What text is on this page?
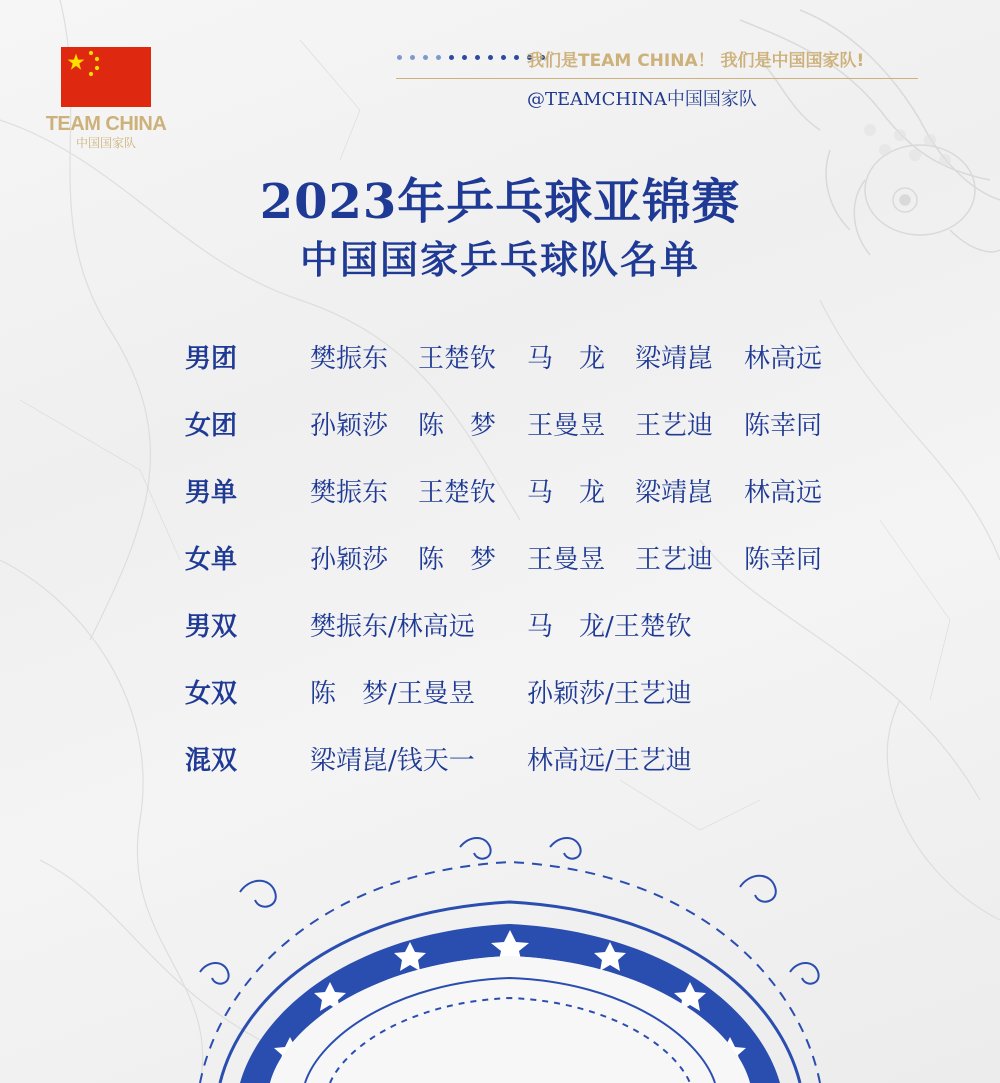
TEAM CHINA
中国国家队
我们是TEAM CHINA！ 我们是中国国家队!
@TEAMCHINA中国国家队
2023年乒乓球亚锦赛
中国国家乒乓球队名单
男团	樊振东 王楚钦 马　龙 梁靖崑 林高远
女团	孙颖莎 陈　梦 王曼昱 王艺迪 陈幸同
男单	樊振东 王楚钦 马　龙 梁靖崑 林高远
女单	孙颖莎 陈　梦 王曼昱 王艺迪 陈幸同
男双	樊振东/林高远 马　龙/王楚钦
女双	陈　梦/王曼昱 孙颖莎/王艺迪
混双	梁靖崑/钱天一 林高远/王艺迪
